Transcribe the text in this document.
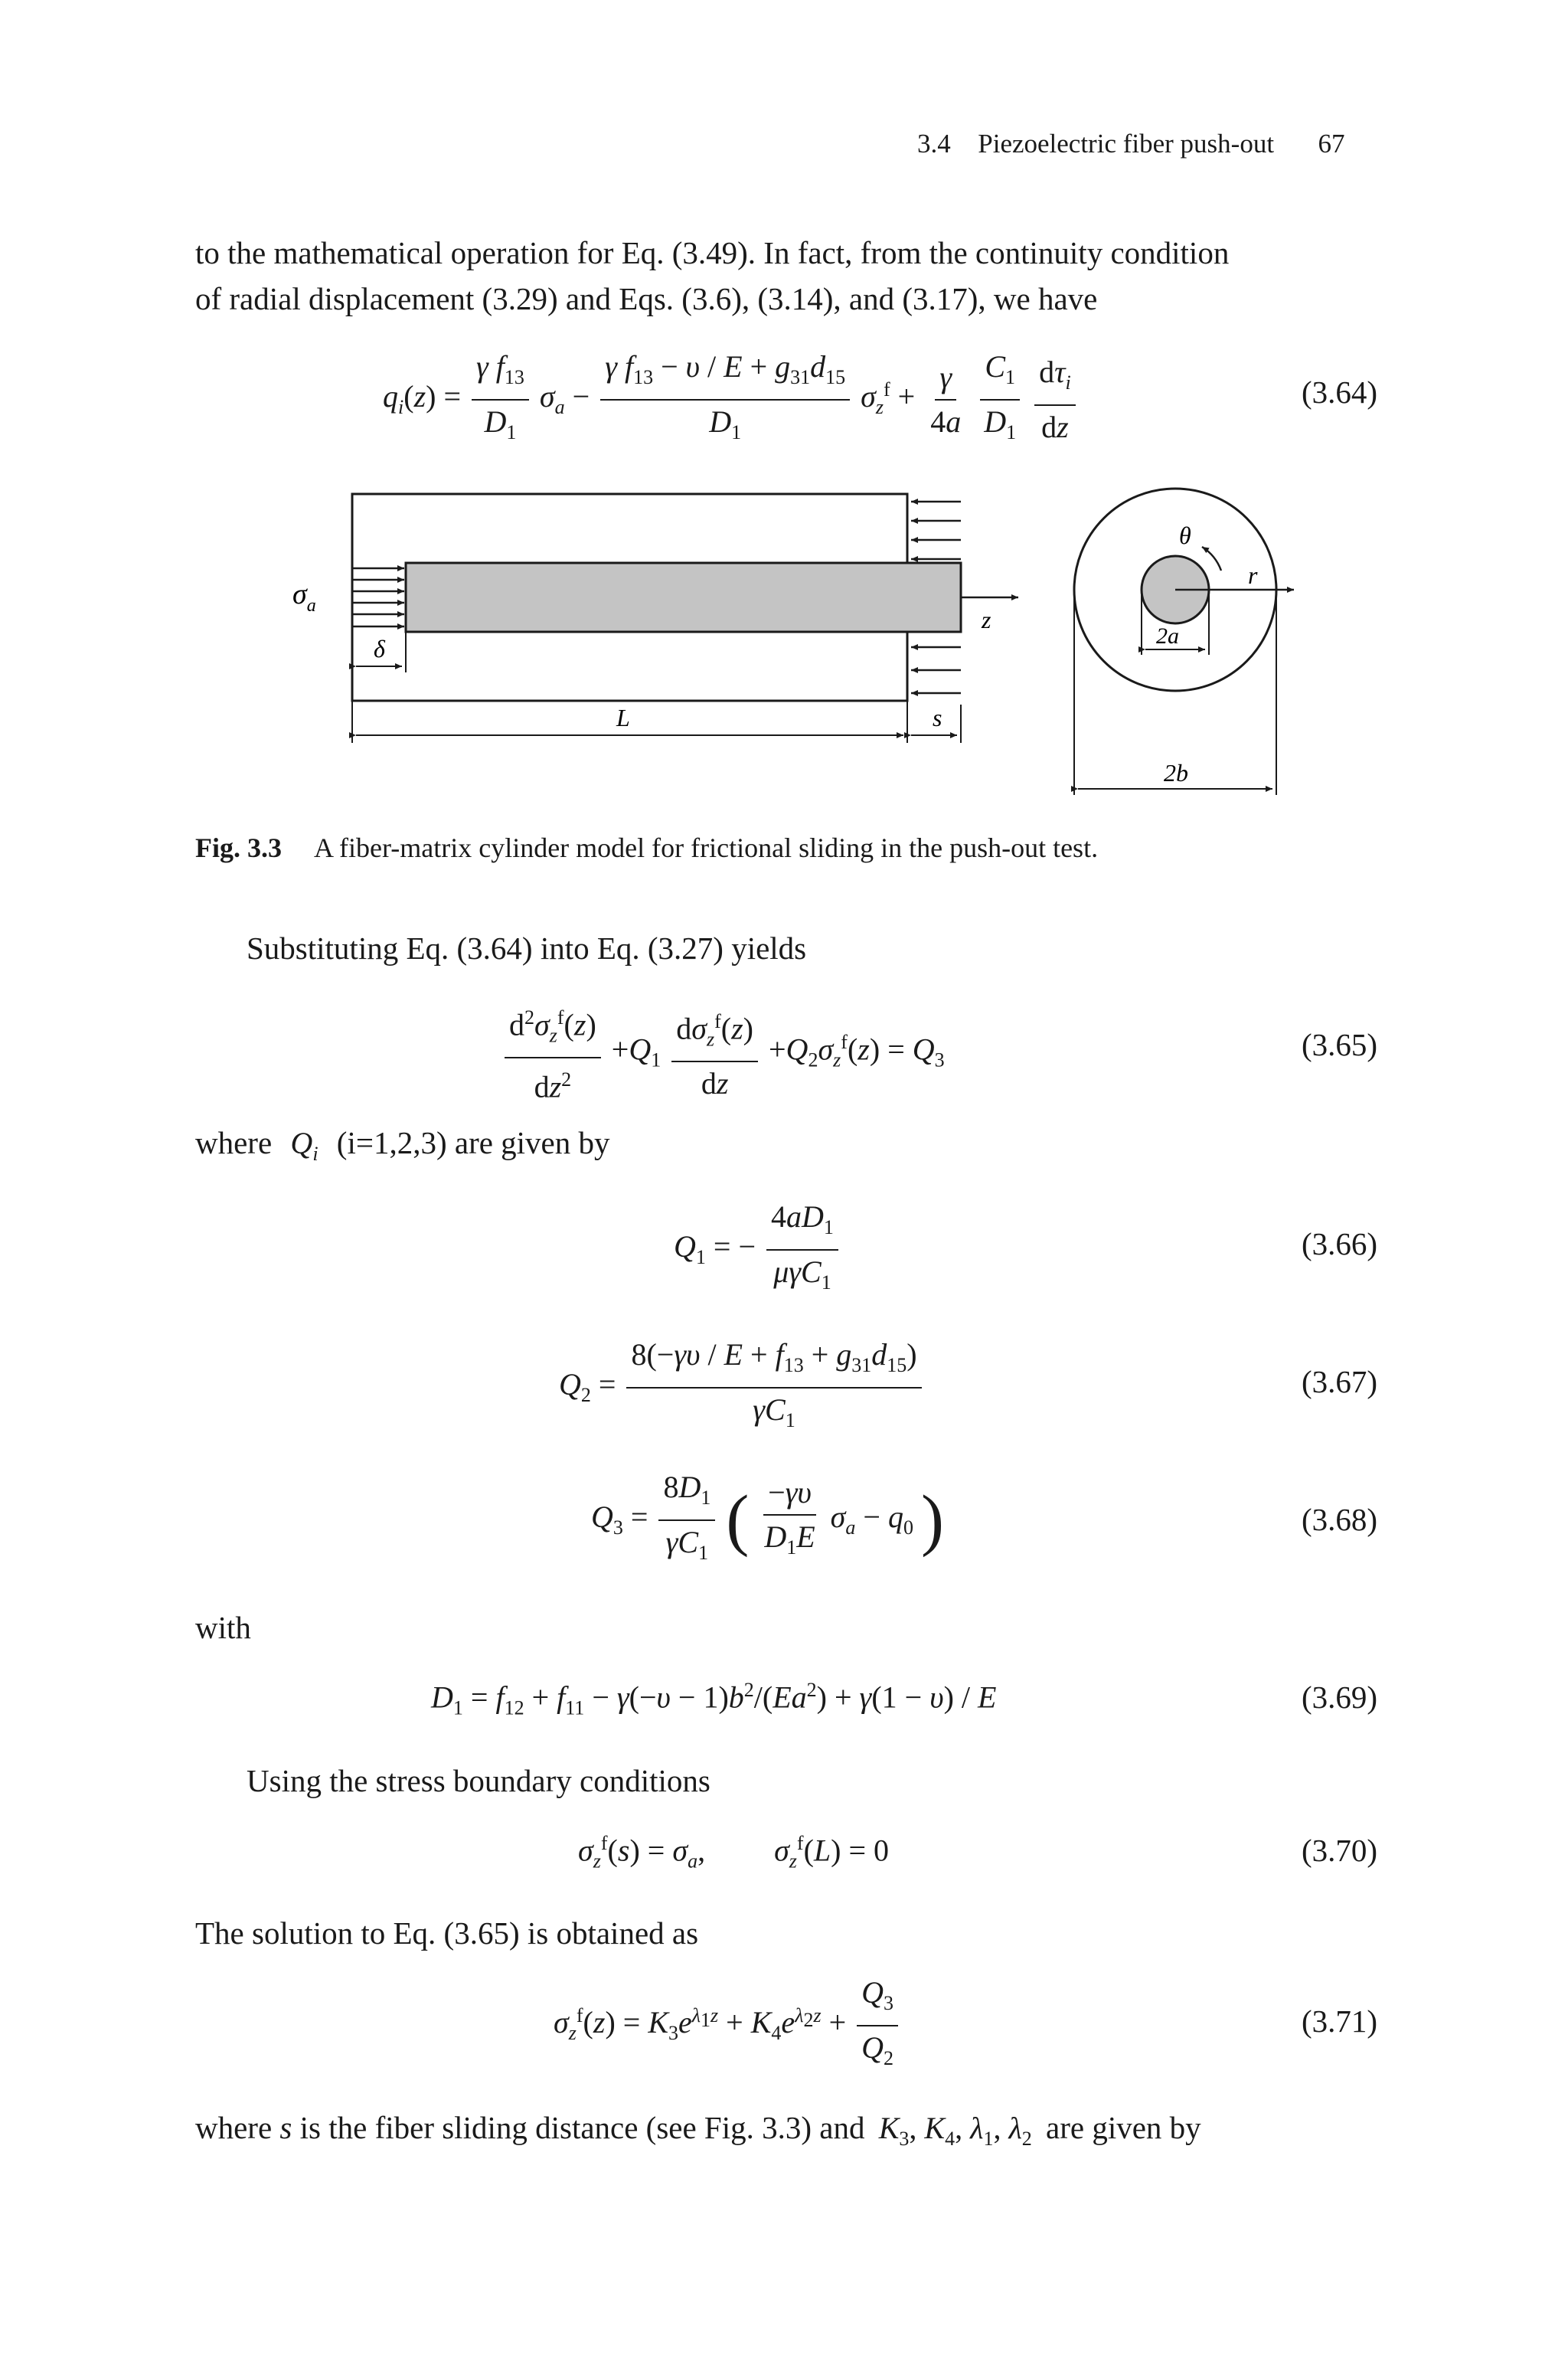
3.4 Piezoelectric fiber push-out 67
to the mathematical operation for Eq. (3.49). In fact, from the continuity condition
of radial displacement (3.29) and Eqs. (3.6), (3.14), and (3.17), we have
$q_i(z) = \frac{\gamma f_{13}}{D_1} \sigma_a - \frac{\gamma f_{13} - \upsilon / E + g_{31}d_{15}}{D_1} \sigma_z^f + \frac{\gamma}{4a}$
$\frac{C_1}{D_1}$
$\frac{d\tau_i}{dz}$	(3.64)
z
$\sigma_a$
δ
L	s
r
θ
2a
2b
Fig. 3.3 A fiber-matrix cylinder model for frictional sliding in the push-out test.
Substituting Eq. (3.64) into Eq. (3.27) yields
$\frac{d^2\sigma_z^f(z)}{dz^2} +Q_1 \frac{d\sigma_z^f(z)}{dz} +Q_2\sigma_z^f(z) = Q_3$	(3.65)
where $Q_i$ (i=1,2,3) are given by
$Q_1$ = − $\frac{4aD_1}{\mu\gamma C_1}$	(3.66)
$Q_2 = \frac{8(-\gamma\upsilon / E + f_{13} + g_{31}d_{15})}{\gamma C_1}$	(3.67)
$Q_3 = \frac{8D_1}{\gamma C_1}$ ( $\frac{-\gamma\upsilon}{D_1E} \sigma_a - q_0$ )	(3.68)
with
$D_1 = f_{12} + f_{11} - \gamma(-\upsilon - 1)b^2/(Ea^2) + \gamma(1 - \upsilon) / E$	(3.69)
Using the stress boundary conditions
$\sigma_z^f(s) = \sigma_a$,  $\sigma_z^f(L) = 0$	(3.70)
The solution to Eq. (3.65) is obtained as
$\sigma_z^f(z) = K_3e^{\lambda_1z} + K_4e^{\lambda_2z} + \frac{Q_3}{Q_2}$	(3.71)
where s is the fiber sliding distance (see Fig. 3.3) and $K_3$, $K_4$, $\lambda_1$, $\lambda_2$ are given by
